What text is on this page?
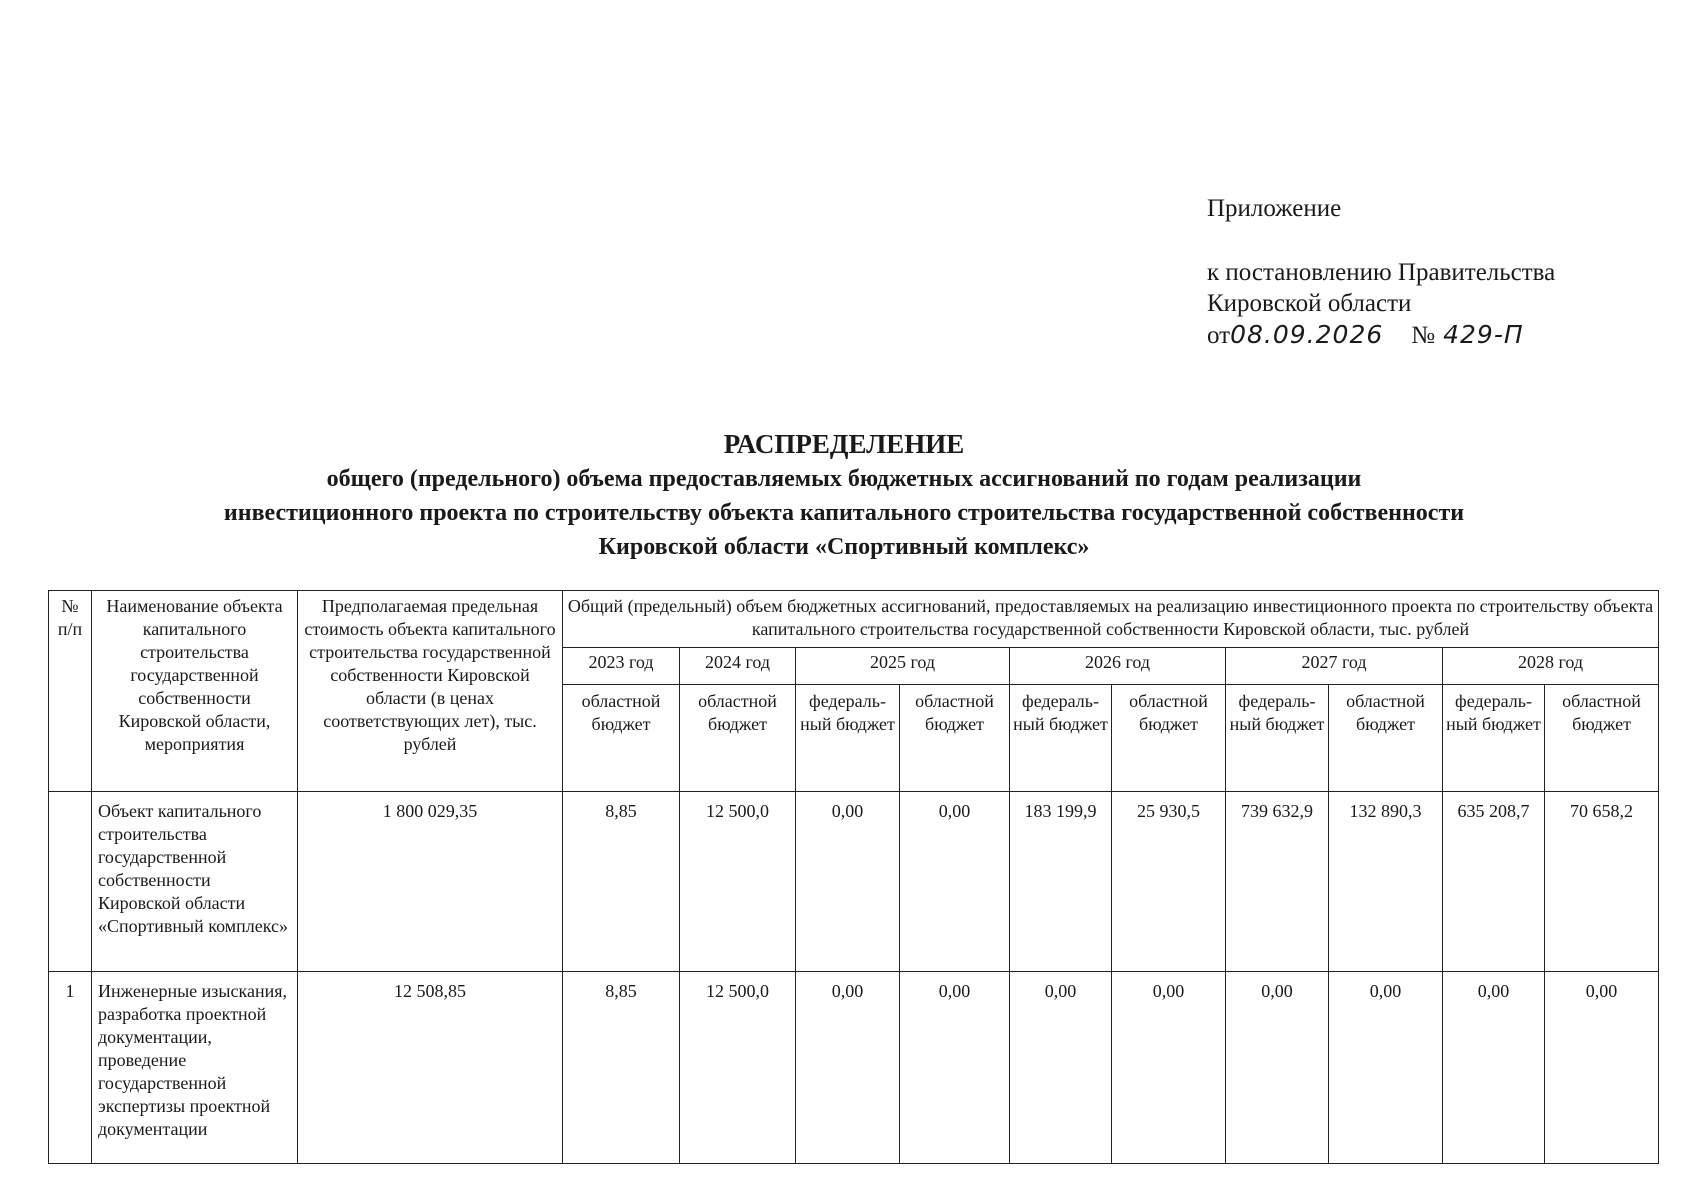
Приложение
к постановлению Правительства
Кировской области
от08.09.2026 № 429-П
РАСПРЕДЕЛЕНИЕ
общего (предельного) объема предоставляемых бюджетных ассигнований по годам реализации
инвестиционного проекта по строительству объекта капитального строительства государственной собственности
Кировской области «Спортивный комплекс»
№ п/п	Наименование объекта капитального строительства государственной собственности Кировской области, мероприятия	Предполагаемая предельная стоимость объекта капитального строительства государственной собственности Кировской области (в ценах соответствующих лет), тыс. рублей	Общий (предельный) объем бюджетных ассигнований, предоставляемых на реализацию инвестиционного проекта по строительству объекта капитального строительства государственной собственности Кировской области, тыс. рублей									
			2023 год	2024 год	2025 год		2026 год		2027 год		2028 год	
			областной бюджет	областной бюджет	федераль-ный бюджет	областной бюджет	федераль-ный бюджет	областной бюджет	федераль-ный бюджет	областной бюджет	федераль-ный бюджет	областной бюджет
	Объект капитального строительства государственной собственности Кировской области «Спортивный комплекс»	1 800 029,35	8,85	12 500,0	0,00	0,00	183 199,9	25 930,5	739 632,9	132 890,3	635 208,7	70 658,2
1	Инженерные изыскания, разработка проектной документации, проведение государственной экспертизы проектной документации	12 508,85	8,85	12 500,0	0,00	0,00	0,00	0,00	0,00	0,00	0,00	0,00
